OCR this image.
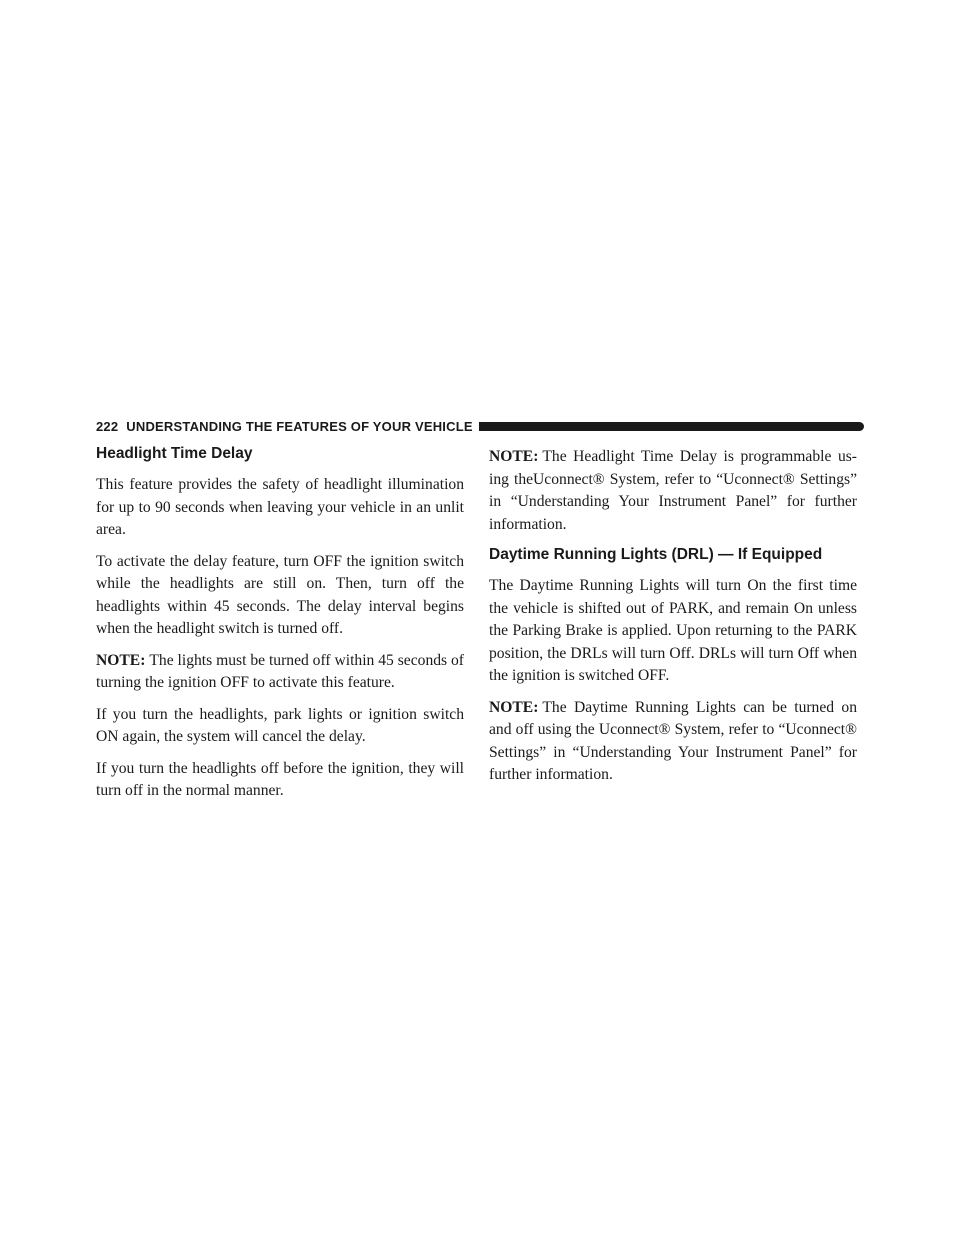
222 UNDERSTANDING THE FEATURES OF YOUR VEHICLE
Headlight Time Delay

This feature provides the safety of headlight illumination for up to 90 seconds when leaving your vehicle in an unlit area.

To activate the delay feature, turn OFF the ignition switch while the headlights are still on. Then, turn off the headlights within 45 seconds. The delay interval begins when the headlight switch is turned off.

NOTE: The lights must be turned off within 45 seconds of turning the ignition OFF to activate this feature.

If you turn the headlights, park lights or ignition switch ON again, the system will cancel the delay.

If you turn the headlights off before the ignition, they will turn off in the normal manner.

NOTE: The Headlight Time Delay is programmable us- ing theUconnect® System, refer to “Uconnect® Settings” in “Understanding Your Instrument Panel” for further information.

Daytime Running Lights (DRL) — If Equipped

The Daytime Running Lights will turn On the first time the vehicle is shifted out of PARK, and remain On unless the Parking Brake is applied. Upon returning to the PARK position, the DRLs will turn Off. DRLs will turn Off when the ignition is switched OFF.

NOTE: The Daytime Running Lights can be turned on and off using the Uconnect® System, refer to “Uconnect® Settings” in “Understanding Your Instrument Panel” for further information.
